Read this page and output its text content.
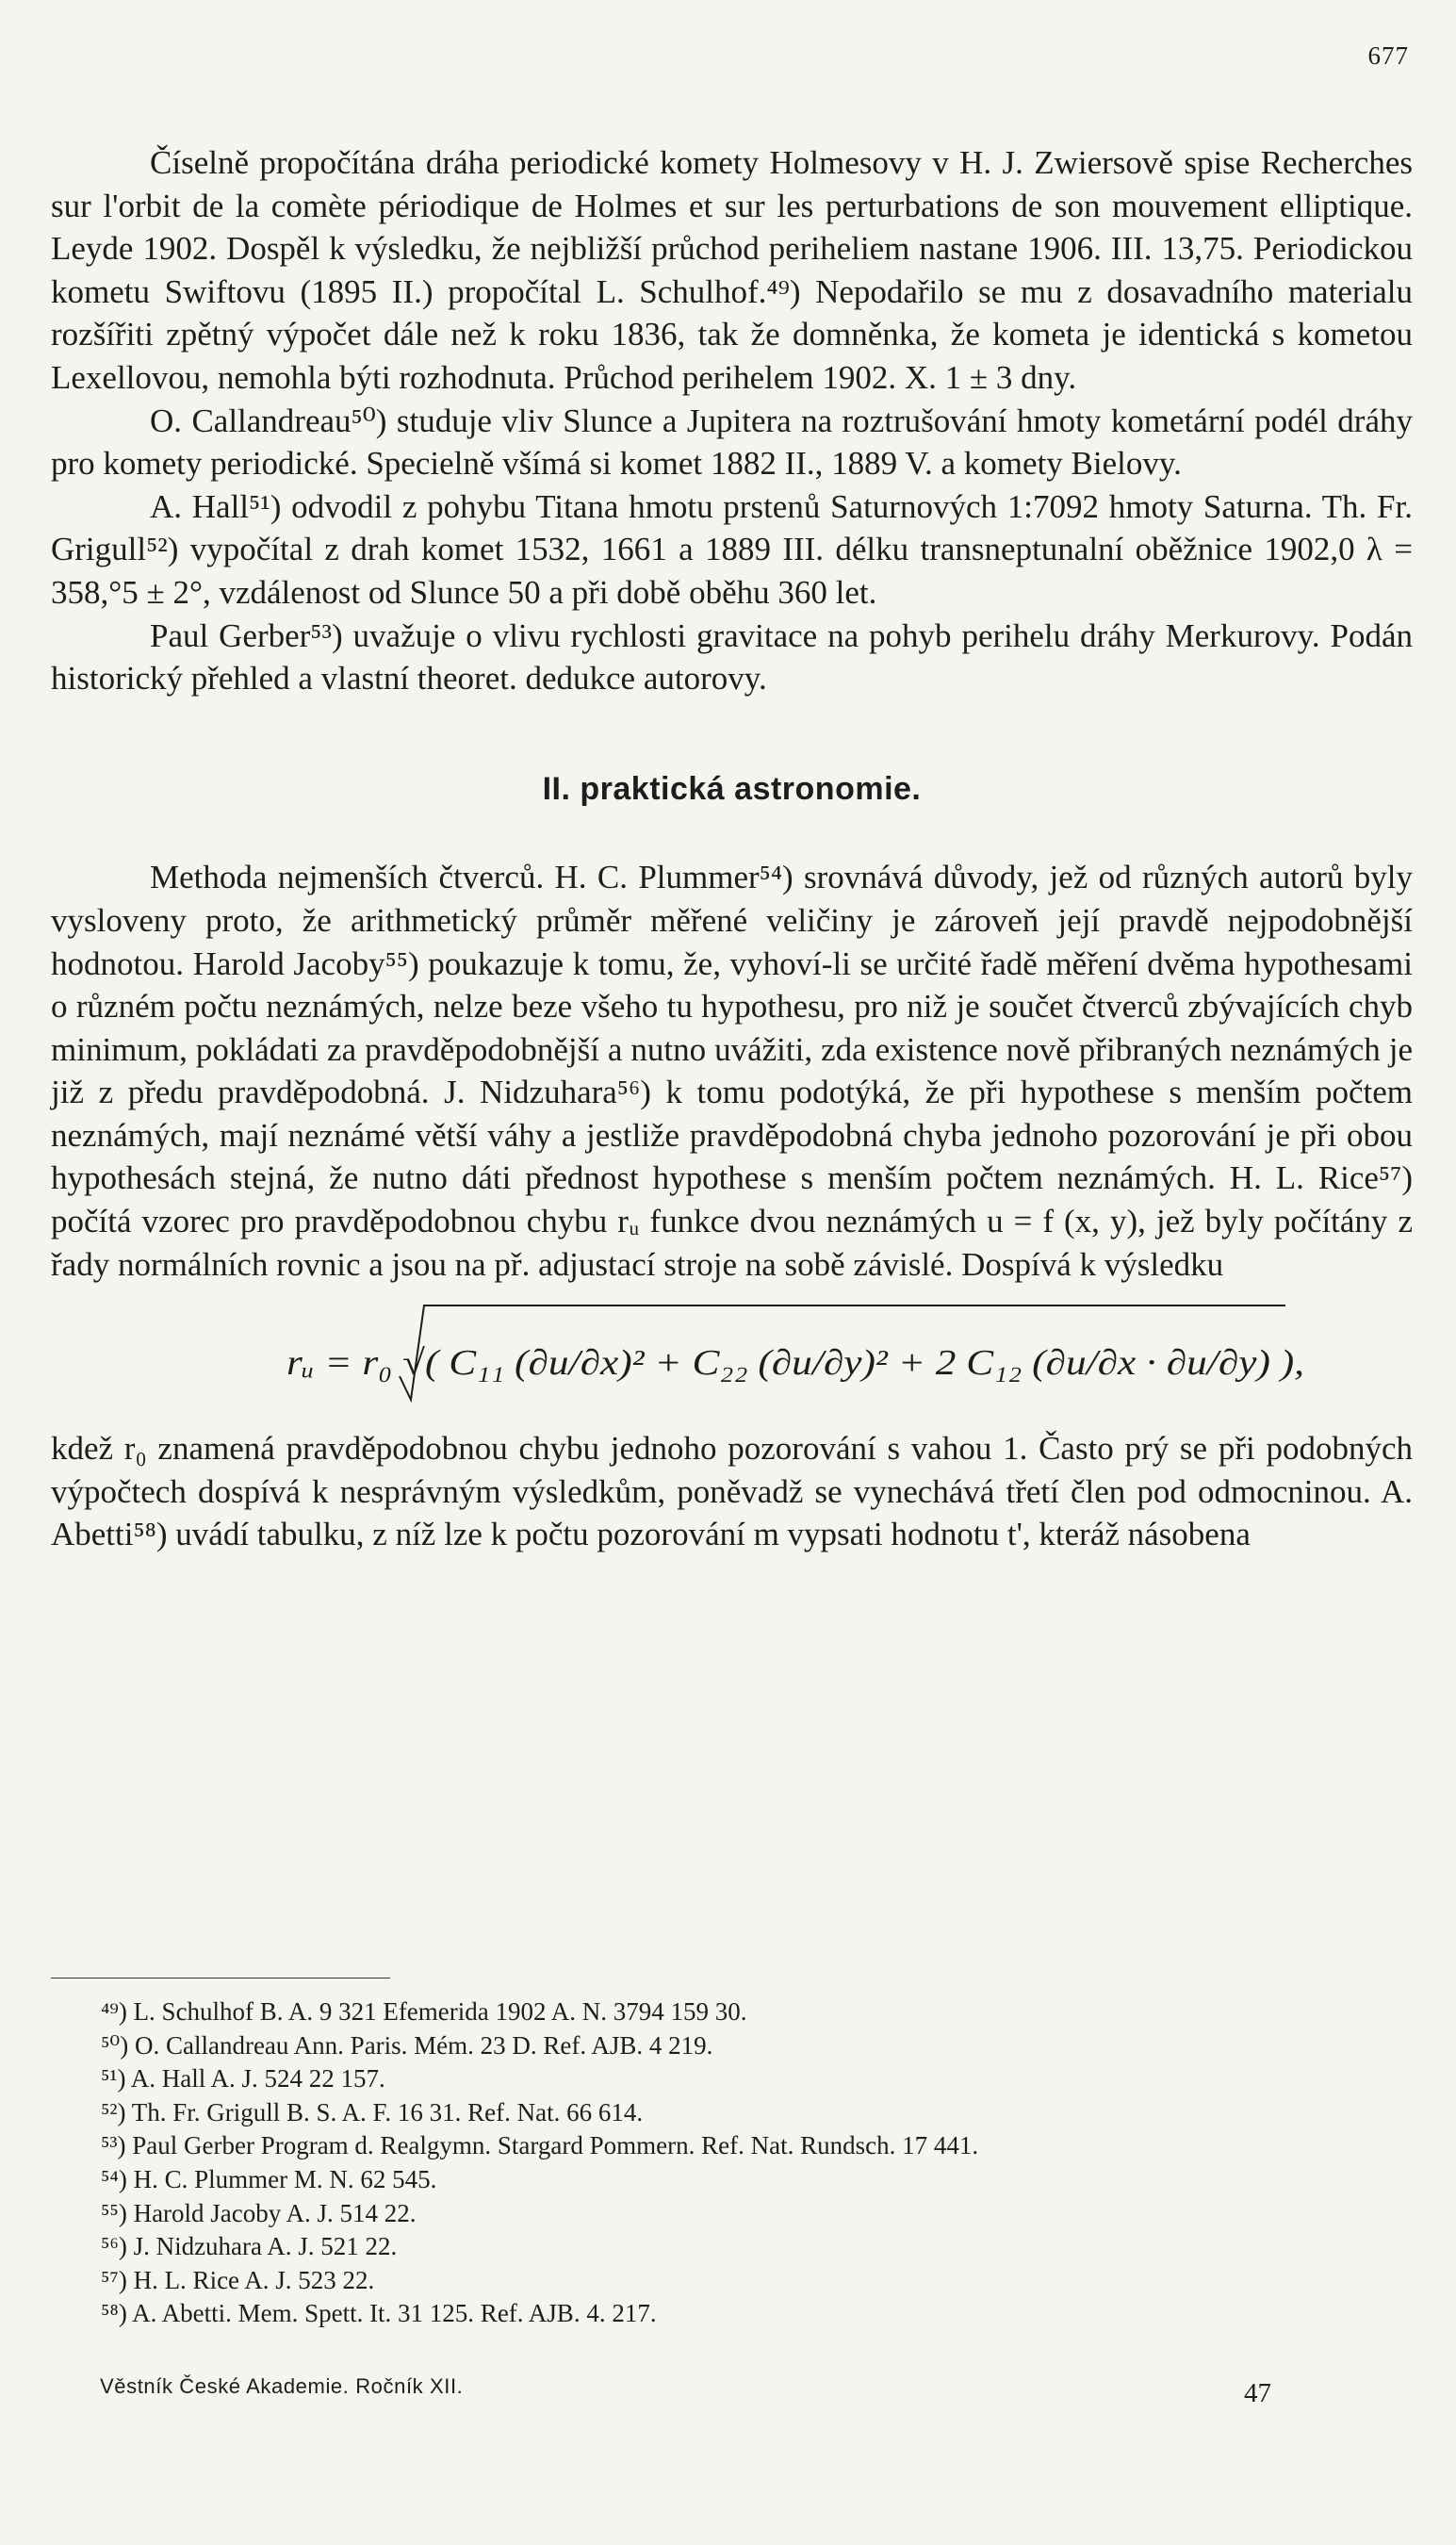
677

Číselně propočítána dráha periodické komety Holmesovy v H. J. Zwiersově spise Recherches sur l'orbit de la comète périodique de Holmes et sur les perturbations de son mouvement elliptique. Leyde 1902. Dospěl k výsledku, že nejbližší průchod periheliem nastane 1906. III. 13,75. Periodickou kometu Swiftovu (1895 II.) propočítal L. Schulhof.⁴⁹) Nepodařilo se mu z dosavadního materialu rozšířiti zpětný výpočet dále než k roku 1836, tak že domněnka, že kometa je identická s kometou Lexellovou, nemohla býti rozhodnuta. Průchod perihelem 1902. X. 1 ± 3 dny.

O. Callandreau⁵⁰) studuje vliv Slunce a Jupitera na roztrušování hmoty kometární podél dráhy pro komety periodické. Specielně všímá si komet 1882 II., 1889 V. a komety Bielovy.

A. Hall⁵¹) odvodil z pohybu Titana hmotu prstenů Saturnových 1:7092 hmoty Saturna. Th. Fr. Grigull⁵²) vypočítal z drah komet 1532, 1661 a 1889 III. délku transneptunalní oběžnice 1902,0 λ = 358,°5 ± 2°, vzdálenost od Slunce 50 a při době oběhu 360 let.

Paul Gerber⁵³) uvažuje o vlivu rychlosti gravitace na pohyb perihelu dráhy Merkurovy. Podán historický přehled a vlastní theoret. dedukce autorovy.

II. praktická astronomie.

Methoda nejmenších čtverců. H. C. Plummer⁵⁴) srovnává důvody, jež od různých autorů byly vysloveny proto, že arithmetický průměr měřené veličiny je zároveň její pravdě nejpodobnější hodnotou. Harold Jacoby⁵⁵) poukazuje k tomu, že, vyhoví-li se určité řadě měření dvěma hypothesami o různém počtu neznámých, nelze beze všeho tu hypothesu, pro niž je součet čtverců zbývajících chyb minimum, pokládati za pravděpodobnější a nutno uvážiti, zda existence nově přibraných neznámých je již z předu pravděpodobná. J. Nidzuhara⁵⁶) k tomu podotýká, že při hypothese s menším počtem neznámých, mají neznámé větší váhy a jestliže pravděpodobná chyba jednoho pozorování je při obou hypothesách stejná, že nutno dáti přednost hypothese s menším počtem neznámých. H. L. Rice⁵⁷) počítá vzorec pro pravděpodobnou chybu rᵤ funkce dvou neznámých u = f (x, y), jež byly počítány z řady normálních rovnic a jsou na př. adjustací stroje na sobě závislé. Dospívá k výsledku

rᵤ = r₀ √( C₁₁ (∂u/∂x)² + C₂₂ (∂u/∂y)² + 2 C₁₂ (∂u/∂x · ∂u/∂y) ),

kdež r₀ znamená pravděpodobnou chybu jednoho pozorování s vahou 1. Často prý se při podobných výpočtech dospívá k nesprávným výsledkům, poněvadž se vynechává třetí člen pod odmocninou. A. Abetti⁵⁸) uvádí tabulku, z níž lze k počtu pozorování m vypsati hodnotu t', kteráž násobena

⁴⁹) L. Schulhof B. A. 9 321 Efemerida 1902 A. N. 3794 159 30.

⁵⁰) O. Callandreau Ann. Paris. Mém. 23 D. Ref. AJB. 4 219.

⁵¹) A. Hall A. J. 524 22 157.

⁵²) Th. Fr. Grigull B. S. A. F. 16 31. Ref. Nat. 66 614.

⁵³) Paul Gerber Program d. Realgymn. Stargard Pommern. Ref. Nat. Rundsch. 17 441.

⁵⁴) H. C. Plummer M. N. 62 545.

⁵⁵) Harold Jacoby A. J. 514 22.

⁵⁶) J. Nidzuhara A. J. 521 22.

⁵⁷) H. L. Rice A. J. 523 22.

⁵⁸) A. Abetti. Mem. Spett. It. 31 125. Ref. AJB. 4. 217.

Věstník České Akademie. Ročník XII.	47
